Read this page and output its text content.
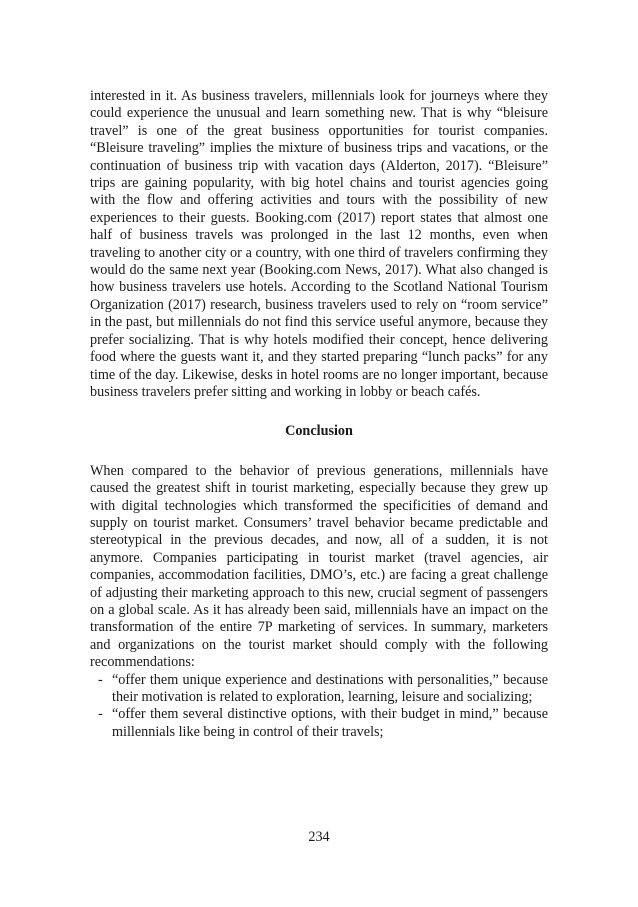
interested in it. As business travelers, millennials look for journeys where they could experience the unusual and learn something new. That is why “bleisure travel” is one of the great business opportunities for tourist companies. “Bleisure traveling” implies the mixture of business trips and vacations, or the continuation of business trip with vacation days (Alderton, 2017). “Bleisure” trips are gaining popularity, with big hotel chains and tourist agencies going with the flow and offering activities and tours with the possibility of new experiences to their guests. Booking.com (2017) report states that almost one half of business travels was prolonged in the last 12 months, even when traveling to another city or a country, with one third of travelers confirming they would do the same next year (Booking.com News, 2017). What also changed is how business travelers use hotels. According to the Scotland National Tourism Organization (2017) research, business travelers used to rely on “room service” in the past, but millennials do not find this service useful anymore, because they prefer socializing. That is why hotels modified their concept, hence delivering food where the guests want it, and they started preparing “lunch packs” for any time of the day. Likewise, desks in hotel rooms are no longer important, because business travelers prefer sitting and working in lobby or beach cafés.

Conclusion

When compared to the behavior of previous generations, millennials have caused the greatest shift in tourist marketing, especially because they grew up with digital technologies which transformed the specificities of demand and supply on tourist market. Consumers’ travel behavior became predictable and stereotypical in the previous decades, and now, all of a sudden, it is not anymore. Companies participating in tourist market (travel agencies, air companies, accommodation facilities, DMO’s, etc.) are facing a great challenge of adjusting their marketing approach to this new, crucial segment of passengers on a global scale. As it has already been said, millennials have an impact on the transformation of the entire 7P marketing of services. In summary, marketers and organizations on the tourist market should comply with the following recommendations:

- “offer them unique experience and destinations with personalities,” because their motivation is related to exploration, learning, leisure and socializing;
- “offer them several distinctive options, with their budget in mind,” because millennials like being in control of their travels;
234
